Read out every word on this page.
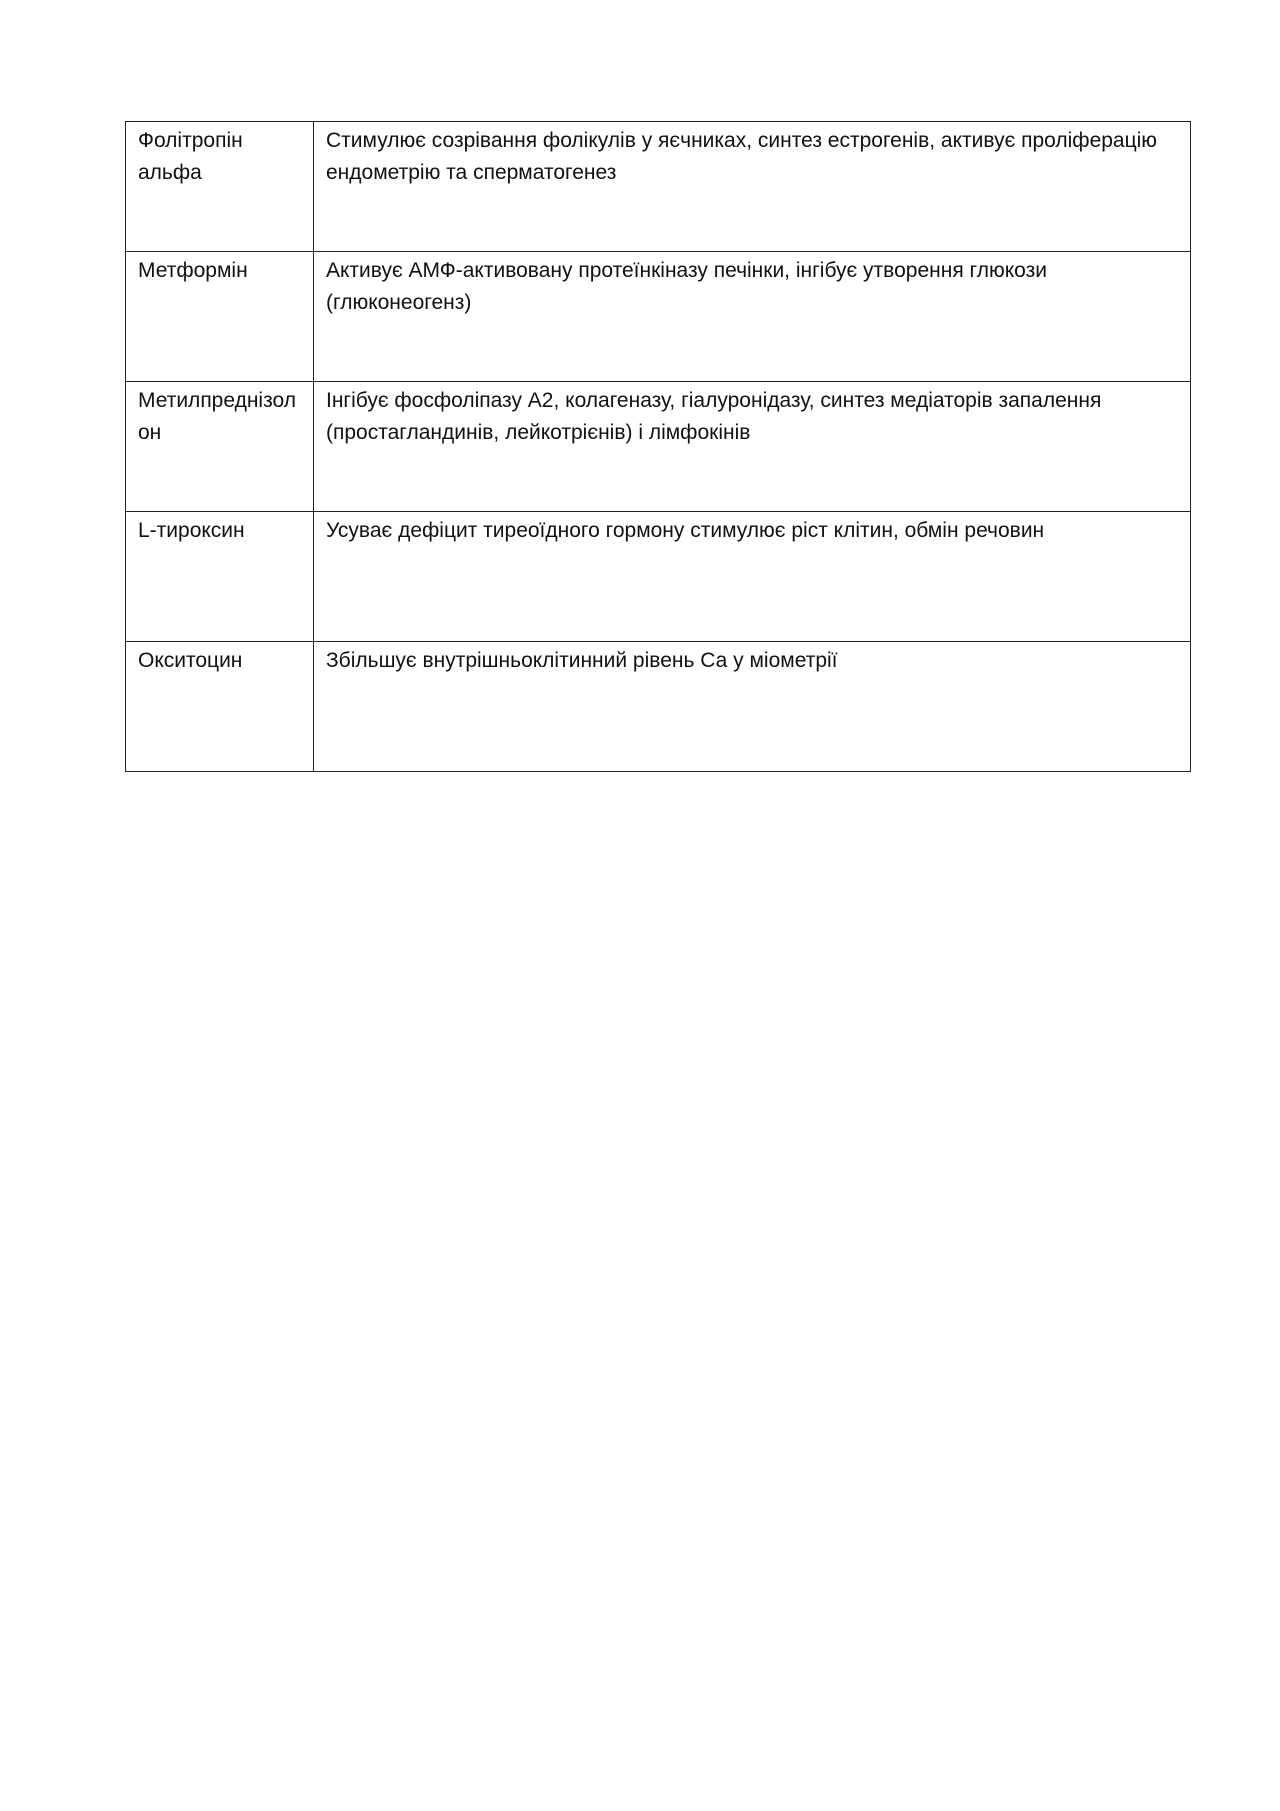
Фолітропін альфа	Стимулює созрівання фолікулів у яєчниках, синтез естрогенів, активує проліферацію ендометрію та сперматогенез
Метформін	Активує АМФ-активовану протеїнкіназу печінки, інгібує утворення глюкози (глюконеогенз)
Метилпреднізолон	Інгібує фосфоліпазу А2, колагеназу, гіалуронідазу, синтез медіаторів запалення (простагландинів, лейкотрієнів) і лімфокінів
L-тироксин	Усуває дефіцит тиреоїдного гормону стимулює ріст клітин, обмін речовин
Окситоцин	Збільшує внутрішньоклітинний рівень Са у міометрії
